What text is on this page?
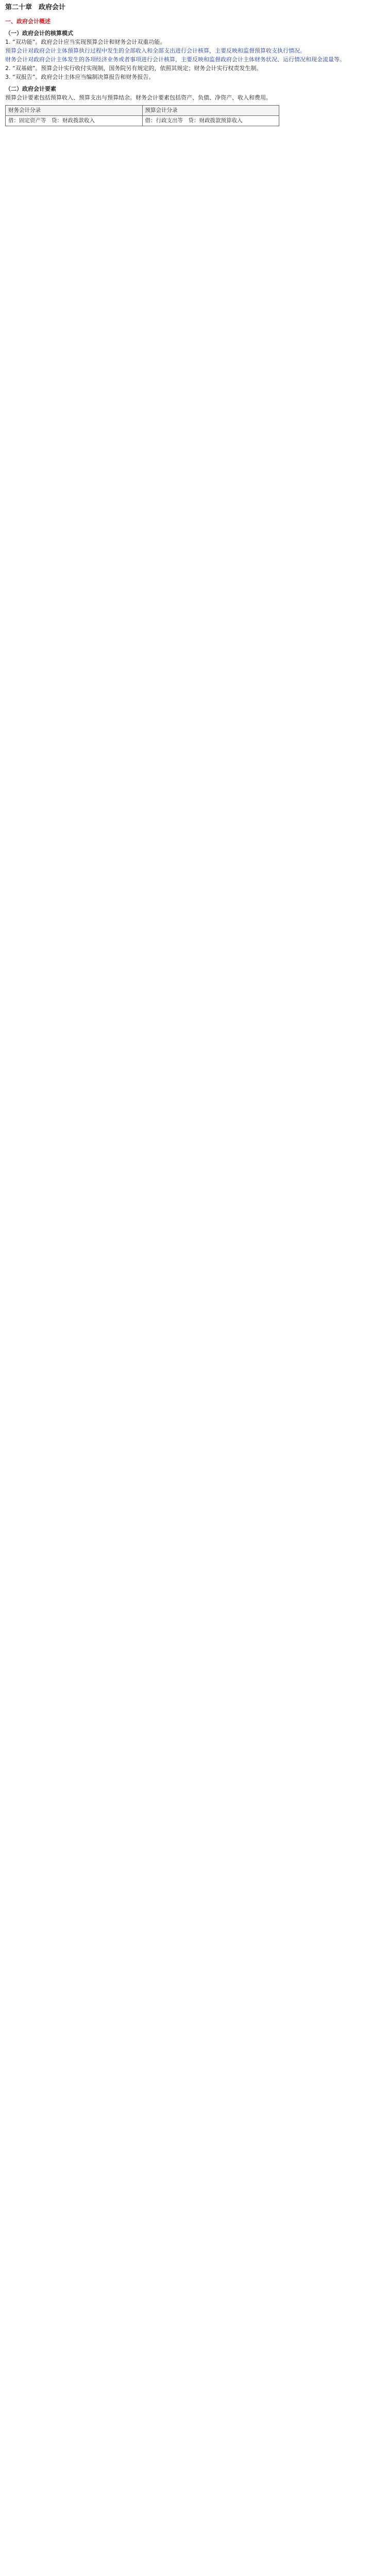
第二十章　政府会计
一、政府会计概述
（一）政府会计的核算模式

1. “双功能”。政府会计应当实现预算会计和财务会计双重功能。

预算会计对政府会计主体预算执行过程中发生的全部收入和全部支出进行会计核算，主要反映和监督预算收支执行情况。

财务会计对政府会计主体发生的各项经济业务或者事项进行会计核算，主要反映和监督政府会计主体财务状况、运行情况和现金流量等。

2. “双基础”。预算会计实行收付实现制，国务院另有规定的，依照其规定；财务会计实行权责发生制。

3. “双报告”。政府会计主体应当编制决算报告和财务报告。

（二）政府会计要素

预算会计要素包括预算收入、预算支出与预算结余。财务会计要素包括资产、负债、净资产、收入和费用。

财务会计分录	预算会计分录
借：固定资产等　贷：财政拨款收入	借：行政支出等　贷：财政拨款预算收入
